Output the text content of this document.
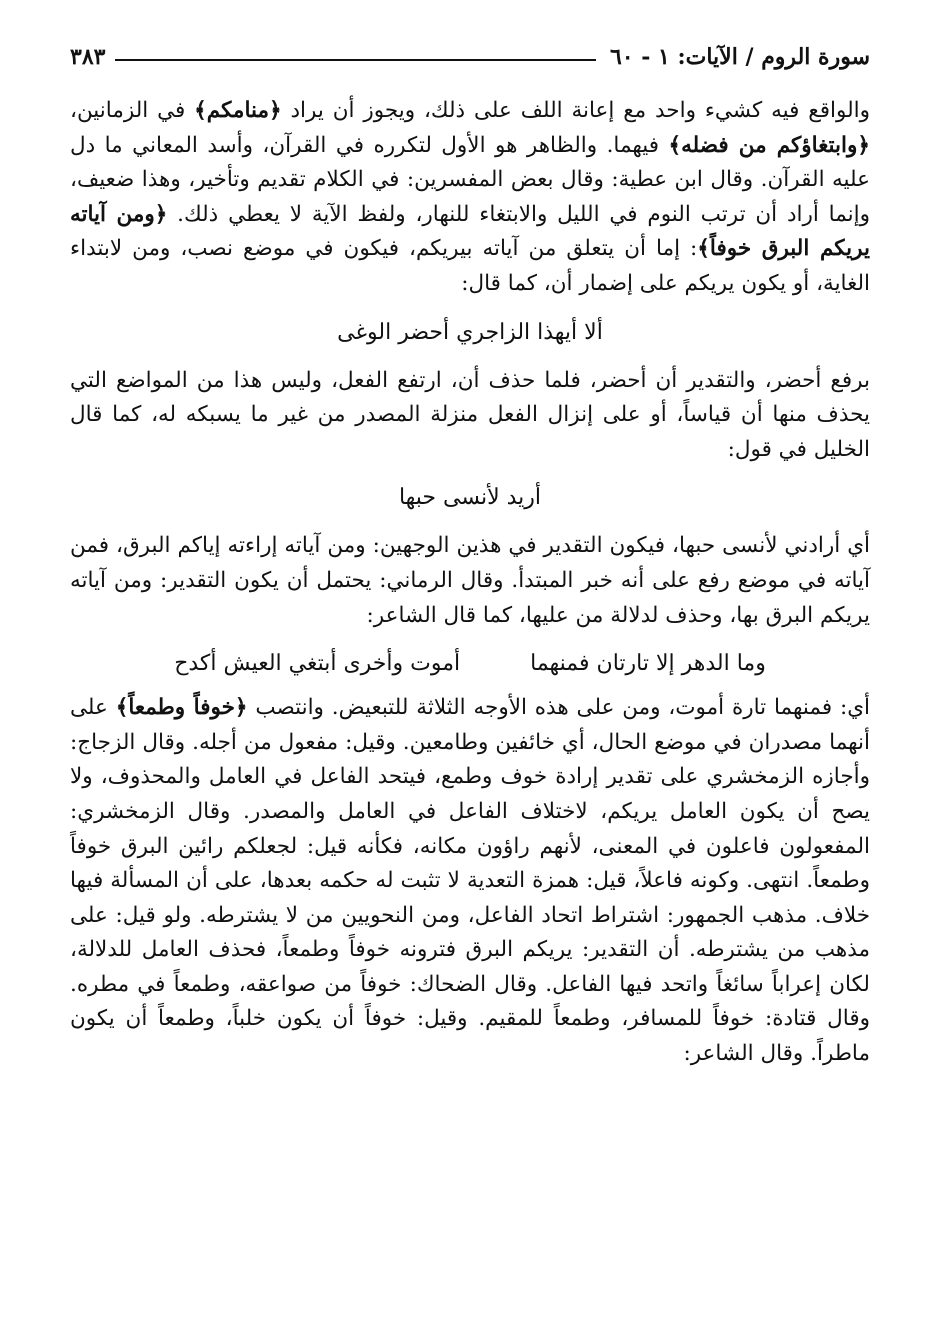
سورة الروم / الآيات: ١ - ٦٠
٣٨٣

والواقع فيه كشيء واحد مع إعانة اللف على ذلك، ويجوز أن يراد ﴿منامكم﴾ في الزمانين، ﴿وابتغاؤكم من فضله﴾ فيهما. والظاهر هو الأول لتكرره في القرآن، وأسد المعاني ما دل عليه القرآن. وقال ابن عطية: وقال بعض المفسرين: في الكلام تقديم وتأخير، وهذا ضعيف، وإنما أراد أن ترتب النوم في الليل والابتغاء للنهار، ولفظ الآية لا يعطي ذلك. ﴿ومن آياته يريكم البرق خوفاً﴾: إما أن يتعلق من آياته بيريكم، فيكون في موضع نصب، ومن لابتداء الغاية، أو يكون يريكم على إضمار أن، كما قال:

ألا أيهذا الزاجري أحضر الوغى

برفع أحضر، والتقدير أن أحضر، فلما حذف أن، ارتفع الفعل، وليس هذا من المواضع التي يحذف منها أن قياساً، أو على إنزال الفعل منزلة المصدر من غير ما يسبكه له، كما قال الخليل في قول:

أريد لأنسى حبها

أي أرادني لأنسى حبها، فيكون التقدير في هذين الوجهين: ومن آياته إراءته إياكم البرق، فمن آياته في موضع رفع على أنه خبر المبتدأ. وقال الرماني: يحتمل أن يكون التقدير: ومن آياته يريكم البرق بها، وحذف لدلالة من عليها، كما قال الشاعر:

وما الدهر إلا تارتان فمنهما
أموت وأخرى أبتغي العيش أكدح

أي: فمنهما تارة أموت، ومن على هذه الأوجه الثلاثة للتبعيض. وانتصب ﴿خوفاً وطمعاً﴾ على أنهما مصدران في موضع الحال، أي خائفين وطامعين. وقيل: مفعول من أجله. وقال الزجاج: وأجازه الزمخشري على تقدير إرادة خوف وطمع، فيتحد الفاعل في العامل والمحذوف، ولا يصح أن يكون العامل يريكم، لاختلاف الفاعل في العامل والمصدر. وقال الزمخشري: المفعولون فاعلون في المعنى، لأنهم راؤون مكانه، فكأنه قيل: لجعلكم رائين البرق خوفاً وطمعاً. انتهى. وكونه فاعلاً، قيل: همزة التعدية لا تثبت له حكمه بعدها، على أن المسألة فيها خلاف. مذهب الجمهور: اشتراط اتحاد الفاعل، ومن النحويين من لا يشترطه. ولو قيل: على مذهب من يشترطه. أن التقدير: يريكم البرق فترونه خوفاً وطمعاً، فحذف العامل للدلالة، لكان إعراباً سائغاً واتحد فيها الفاعل. وقال الضحاك: خوفاً من صواعقه، وطمعاً في مطره. وقال قتادة: خوفاً للمسافر، وطمعاً للمقيم. وقيل: خوفاً أن يكون خلباً، وطمعاً أن يكون ماطراً. وقال الشاعر:
